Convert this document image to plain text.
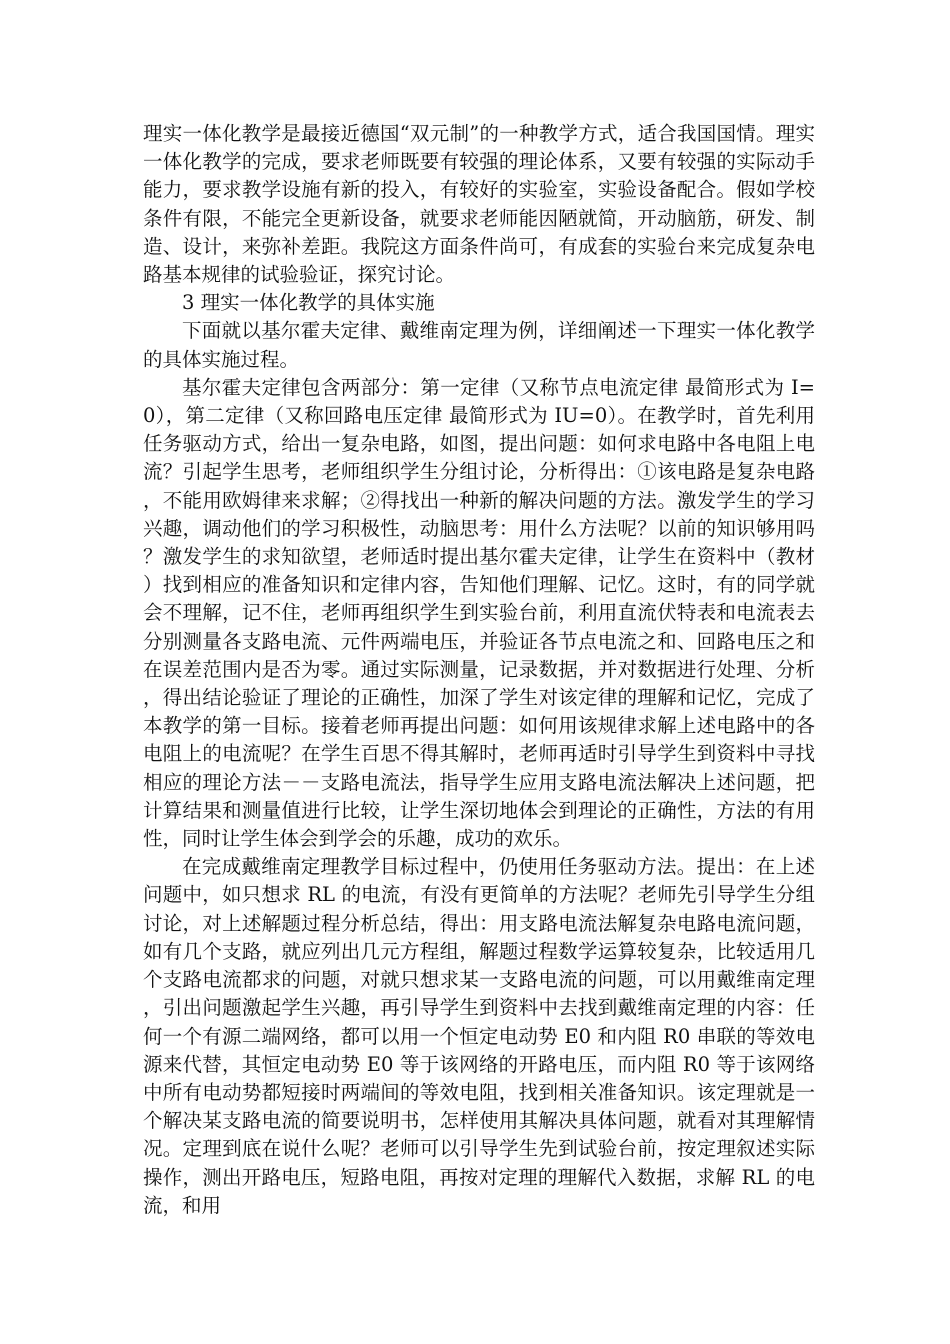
理实一体化教学是最接近德国“双元制”的一种教学方式，适合我国国情。理实一体化教学的完成，要求老师既要有较强的理论体系，又要有较强的实际动手能力，要求教学设施有新的投入，有较好的实验室，实验设备配合。假如学校条件有限，不能完全更新设备，就要求老师能因陋就简，开动脑筋，研发、制造、设计，来弥补差距。我院这方面条件尚可，有成套的实验台来完成复杂电路基本规律的试验验证，探究讨论。

3 理实一体化教学的具体实施

下面就以基尔霍夫定律、戴维南定理为例，详细阐述一下理实一体化教学的具体实施过程。

基尔霍夫定律包含两部分：第一定律（又称节点电流定律 最简形式为 I=0），第二定律（又称回路电压定律 最简形式为 IU=0）。在教学时，首先利用任务驱动方式，给出一复杂电路，如图，提出问题：如何求电路中各电阻上电流？引起学生思考，老师组织学生分组讨论，分析得出：①该电路是复杂电路，不能用欧姆律来求解；②得找出一种新的解决问题的方法。激发学生的学习兴趣，调动他们的学习积极性，动脑思考：用什么方法呢？以前的知识够用吗？激发学生的求知欲望，老师适时提出基尔霍夫定律，让学生在资料中（教材）找到相应的准备知识和定律内容，告知他们理解、记忆。这时，有的同学就会不理解，记不住，老师再组织学生到实验台前，利用直流伏特表和电流表去分别测量各支路电流、元件两端电压，并验证各节点电流之和、回路电压之和在误差范围内是否为零。通过实际测量，记录数据，并对数据进行处理、分析，得出结论验证了理论的正确性，加深了学生对该定律的理解和记忆，完成了本教学的第一目标。接着老师再提出问题：如何用该规律求解上述电路中的各电阻上的电流呢？在学生百思不得其解时，老师再适时引导学生到资料中寻找相应的理论方法－－支路电流法，指导学生应用支路电流法解决上述问题，把计算结果和测量值进行比较，让学生深切地体会到理论的正确性，方法的有用性，同时让学生体会到学会的乐趣，成功的欢乐。

在完成戴维南定理教学目标过程中，仍使用任务驱动方法。提出：在上述问题中，如只想求 RL 的电流，有没有更简单的方法呢？老师先引导学生分组讨论，对上述解题过程分析总结，得出：用支路电流法解复杂电路电流问题，如有几个支路，就应列出几元方程组，解题过程数学运算较复杂，比较适用几个支路电流都求的问题，对就只想求某一支路电流的问题，可以用戴维南定理，引出问题激起学生兴趣，再引导学生到资料中去找到戴维南定理的内容：任何一个有源二端网络，都可以用一个恒定电动势 E0 和内阻 R0 串联的等效电源来代替，其恒定电动势 E0 等于该网络的开路电压，而内阻 R0 等于该网络中所有电动势都短接时两端间的等效电阻，找到相关准备知识。该定理就是一个解决某支路电流的简要说明书，怎样使用其解决具体问题，就看对其理解情况。定理到底在说什么呢？老师可以引导学生先到试验台前，按定理叙述实际操作，测出开路电压，短路电阻，再按对定理的理解代入数据，求解 RL 的电流，和用
